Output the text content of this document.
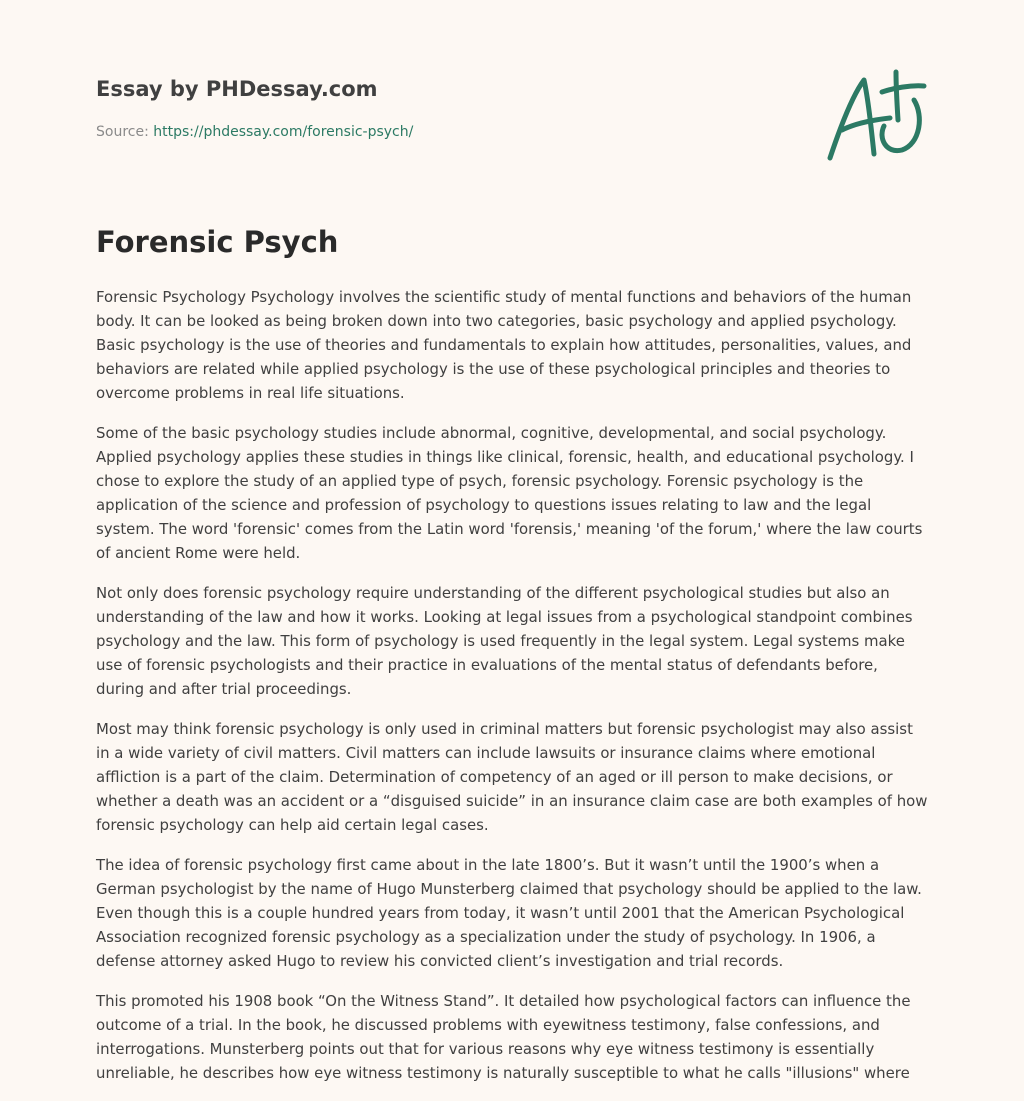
Essay by PHDessay.com
Source: https://phdessay.com/forensic-psych/
Forensic Psych

Forensic Psychology Psychology involves the scientific study of mental functions and behaviors of the human body. It can be looked as being broken down into two categories, basic psychology and applied psychology. Basic psychology is the use of theories and fundamentals to explain how attitudes, personalities, values, and behaviors are related while applied psychology is the use of these psychological principles and theories to overcome problems in real life situations.

Some of the basic psychology studies include abnormal, cognitive, developmental, and social psychology. Applied psychology applies these studies in things like clinical, forensic, health, and educational psychology. I chose to explore the study of an applied type of psych, forensic psychology. Forensic psychology is the application of the science and profession of psychology to questions issues relating to law and the legal system. The word 'forensic' comes from the Latin word 'forensis,' meaning 'of the forum,' where the law courts of ancient Rome were held.

Not only does forensic psychology require understanding of the different psychological studies but also an understanding of the law and how it works. Looking at legal issues from a psychological standpoint combines psychology and the law. This form of psychology is used frequently in the legal system. Legal systems make use of forensic psychologists and their practice in evaluations of the mental status of defendants before, during and after trial proceedings.

Most may think forensic psychology is only used in criminal matters but forensic psychologist may also assist in a wide variety of civil matters. Civil matters can include lawsuits or insurance claims where emotional affliction is a part of the claim. Determination of competency of an aged or ill person to make decisions, or whether a death was an accident or a “disguised suicide” in an insurance claim case are both examples of how forensic psychology can help aid certain legal cases.

The idea of forensic psychology first came about in the late 1800’s. But it wasn’t until the 1900’s when a German psychologist by the name of Hugo Munsterberg claimed that psychology should be applied to the law. Even though this is a couple hundred years from today, it wasn’t until 2001 that the American Psychological Association recognized forensic psychology as a specialization under the study of psychology. In 1906, a defense attorney asked Hugo to review his convicted client’s investigation and trial records.

This promoted his 1908 book “On the Witness Stand”. It detailed how psychological factors can influence the outcome of a trial. In the book, he discussed problems with eyewitness testimony, false confessions, and interrogations. Munsterberg points out that for various reasons why eye witness testimony is essentially unreliable, he describes how eye witness testimony is naturally susceptible to what he calls "illusions" where
